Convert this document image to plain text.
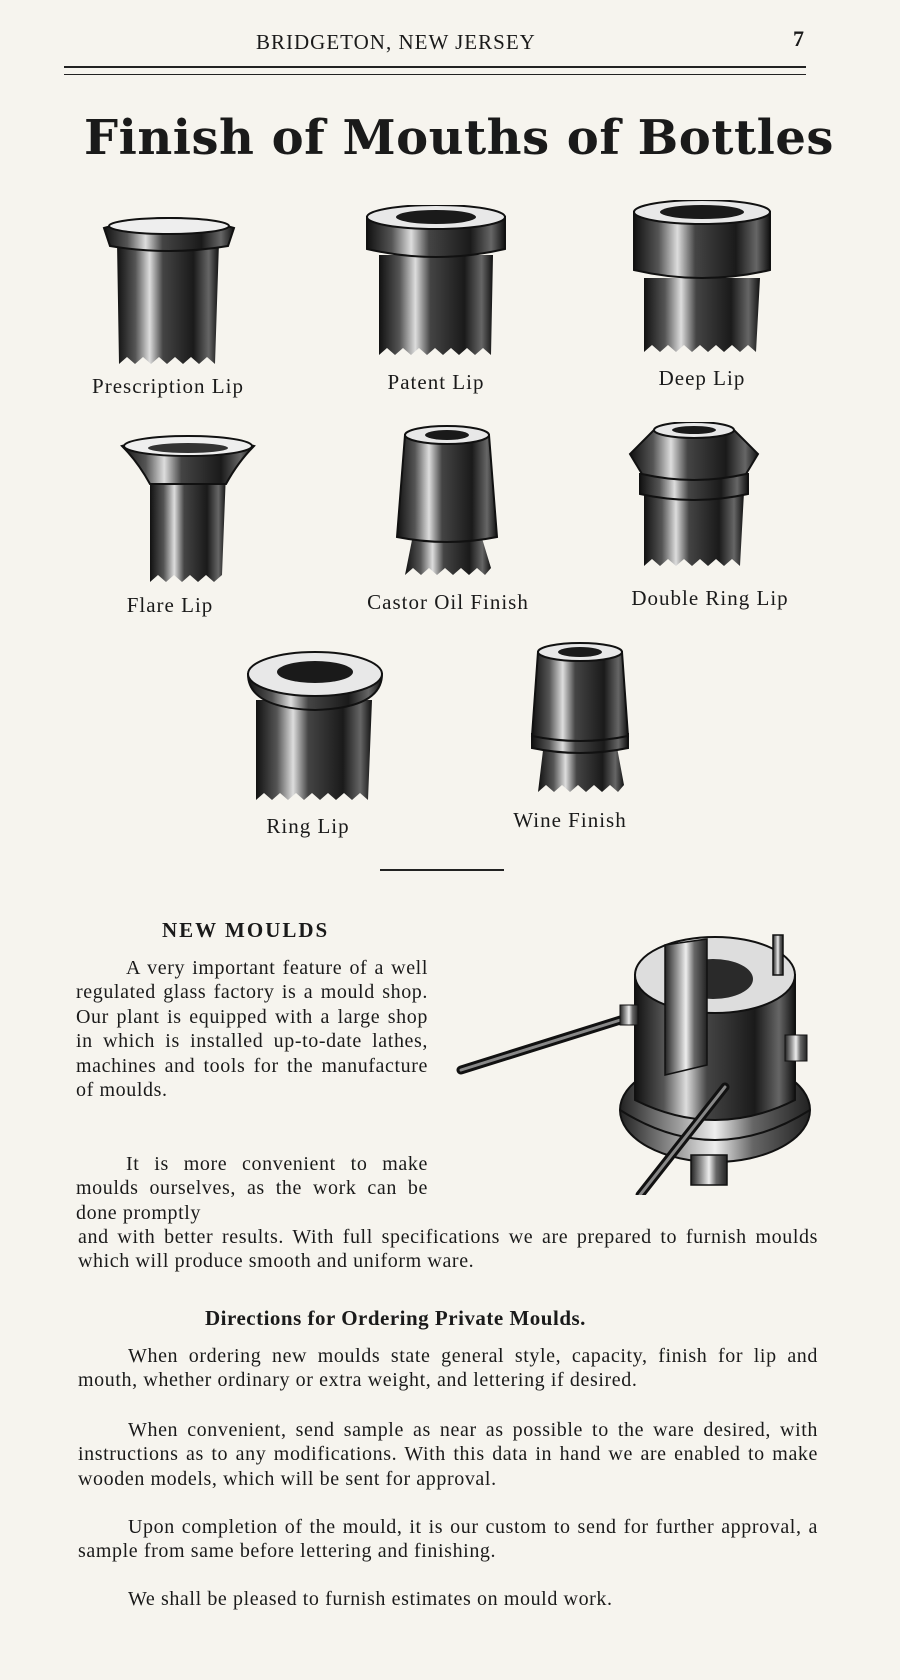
BRIDGETON, NEW JERSEY	7
Finish of Mouths of Bottles
Prescription Lip	Patent Lip	Deep Lip
Flare Lip	Castor Oil Finish	Double Ring Lip
Ring Lip	Wine Finish
NEW MOULDS

A very important feature of a well regulated glass factory is a mould shop. Our plant is equipped with a large shop in which is installed up-to-date lathes, machines and tools for the manufacture of moulds.

It is more convenient to make moulds ourselves, as the work can be done promptly

and with better results. With full specifications we are prepared to furnish moulds which will produce smooth and uniform ware.

Directions for Ordering Private Moulds.

When ordering new moulds state general style, capacity, finish for lip and mouth, whether ordinary or extra weight, and lettering if desired.

When convenient, send sample as near as possible to the ware desired, with instructions as to any modifications. With this data in hand we are enabled to make wooden models, which will be sent for approval.

Upon completion of the mould, it is our custom to send for further approval, a sample from same before lettering and finishing.

We shall be pleased to furnish estimates on mould work.
